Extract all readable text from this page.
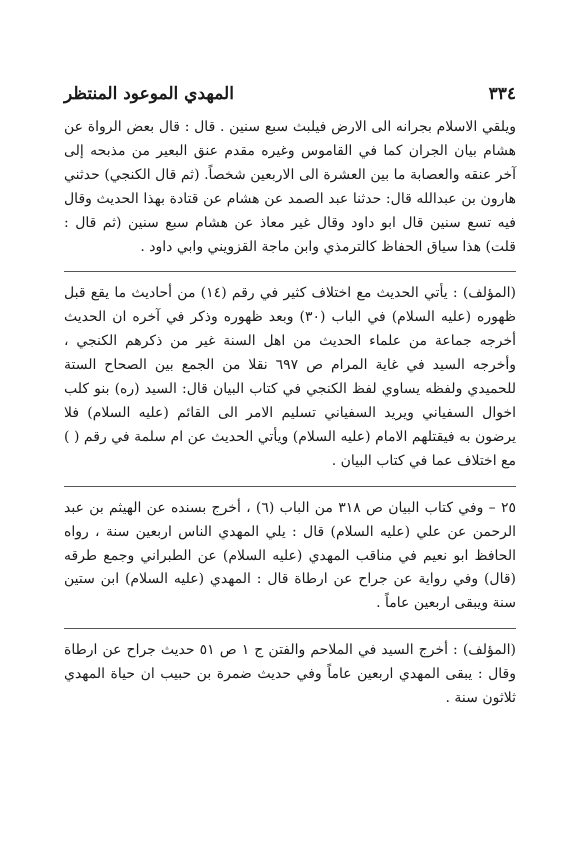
٣٣٤
المهدي الموعود المنتظر

ويلقي الاسلام بجرانه الى الارض فيلبث سبع سنين . قال : قال بعض الرواة عن هشام بيان الجران كما في القاموس وغيره مقدم عنق البعير من مذبحه إلى آخر عنقه والعصابة ما بين العشرة الى الاربعين شخصاً. (ثم قال الكنجي) حدثني هارون بن عبدالله قال: حدثنا عبد الصمد عن هشام عن قتادة بهذا الحديث وقال فيه تسع سنين قال ابو داود وقال غير معاذ عن هشام سبع سنين (ثم قال : قلت) هذا سياق الحفاظ كالترمذي وابن ماجة القزويني وابي داود .

(المؤلف) : يأتي الحديث مع اختلاف كثير في رقم (١٤) من أحاديث ما يقع قبل ظهوره (عليه السلام) في الباب (٣٠) وبعد ظهوره وذكر في آخره ان الحديث أخرجه جماعة من علماء الحديث من اهل السنة غير من ذكرهم الكنجي ، وأخرجه السيد في غاية المرام ص ٦٩٧ نقلا من الجمع بين الصحاح الستة للحميدي ولفظه يساوي لفظ الكنجي في كتاب البيان قال: السيد (ره) بنو كلب اخوال السفياني ويريد السفياني تسليم الامر الى القائم (عليه السلام) فلا يرضون به فيقتلهم الامام (عليه السلام) ويأتي الحديث عن ام سلمة في رقم ( ) مع اختلاف عما في كتاب البيان .

٢٥ – وفي كتاب البيان ص ٣١٨ من الباب (٦) ، أخرج بسنده عن الهيثم بن عبد الرحمن عن علي (عليه السلام) قال : يلي المهدي الناس اربعين سنة ، رواه الحافظ ابو نعيم في مناقب المهدي (عليه السلام) عن الطبراني وجمع طرقه (قال) وفي رواية عن جراح عن ارطاة قال : المهدي (عليه السلام) ابن ستين سنة ويبقى اربعين عاماً .

(المؤلف) : أخرج السيد في الملاحم والفتن ج ١ ص ٥١ حديث جراح عن ارطاة وقال : يبقى المهدي اربعين عاماً وفي حديث ضمرة بن حبيب ان حياة المهدي ثلاثون سنة .
